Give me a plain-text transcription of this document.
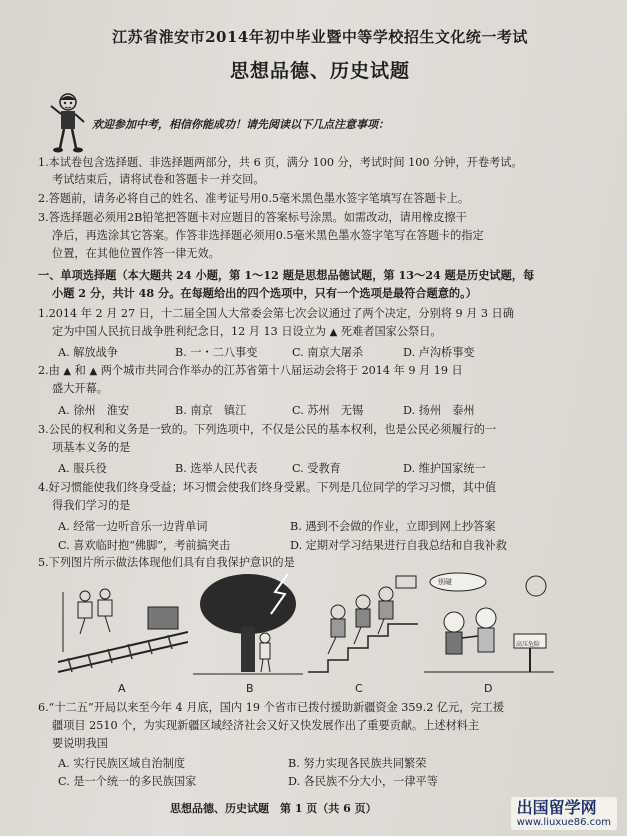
江苏省淮安市2014年初中毕业暨中等学校招生文化统一考试
思想品德、历史试题
欢迎参加中考，相信你能成功！请先阅读以下几点注意事项：
1.本试卷包含选择题、非选择题两部分，共 6 页，满分 100 分，考试时间 100 分钟，开卷考试。
考试结束后，请将试卷和答题卡一并交回。
2.答题前，请务必将自己的姓名、准考证号用0.5毫米黑色墨水签字笔填写在答题卡上。
3.答选择题必须用2B铅笔把答题卡对应题目的答案标号涂黑。如需改动，请用橡皮擦干
净后，再选涂其它答案。作答非选择题必须用0.5毫米黑色墨水签字笔写在答题卡的指定
位置，在其他位置作答一律无效。
一、单项选择题（本大题共 24 小题，第 1～12 题是思想品德试题，第 13～24 题是历史试题，每
小题 2 分，共计 48 分。在每题给出的四个选项中，只有一个选项是最符合题意的。）
1.2014 年 2 月 27 日，十二届全国人大常委会第七次会议通过了两个决定，分别将 9 月 3 日确
定为中国人民抗日战争胜利纪念日，12 月 13 日设立为 ▲ 死难者国家公祭日。
A. 解放战争	B. 一・二八事变	C. 南京大屠杀	D. 卢沟桥事变
2.由 ▲ 和 ▲ 两个城市共同合作举办的江苏省第十八届运动会将于 2014 年 9 月 19 日
盛大开幕。
A. 徐州　淮安	B. 南京　镇江	C. 苏州　无锡	D. 扬州　泰州
3.公民的权利和义务是一致的。下列选项中，不仅是公民的基本权利，也是公民必须履行的一
项基本义务的是
A. 服兵役	B. 选举人民代表	C. 受教育	D. 维护国家统一
4.好习惯能使我们终身受益；坏习惯会使我们终身受累。下列是几位同学的学习习惯，其中值
得我们学习的是
A. 经常一边听音乐一边背单词	B. 遇到不会做的作业，立即到网上抄答案
C. 喜欢临时抱“佛脚”，考前搞突击	D. 定期对学习结果进行自我总结和自我补救
5.下列图片所示做法体现他们具有自我保护意识的是
A	B	C
别碰
高压危险
D
6.“十二五”开局以来至今年 4 月底，国内 19 个省市已拨付援助新疆资金 359.2 亿元，完工援
疆项目 2510 个，为实现新疆区域经济社会又好又快发展作出了重要贡献。上述材料主
要说明我国
A. 实行民族区域自治制度	B. 努力实现各民族共同繁荣
C. 是一个统一的多民族国家	D. 各民族不分大小，一律平等
思想品德、历史试题　第 1 页（共 6 页）	出国留学网
www.liuxue86.com
